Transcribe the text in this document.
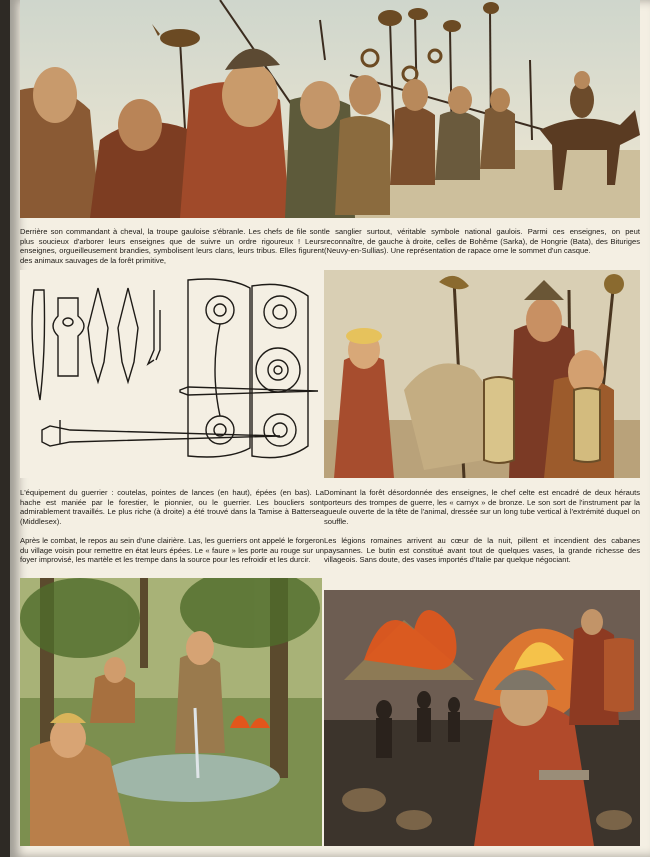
Derrière son commandant à cheval, la troupe gauloise s'ébranle. Les chefs de file sont plus soucieux d'arborer leurs enseignes que de suivre un ordre rigoureux ! Leurs enseignes, orgueilleusement brandies, symbolisent leurs clans, leurs tribus. Elles figurent des animaux sauvages de la forêt primitive,

le sanglier surtout, véritable symbole national gaulois. Parmi ces enseignes, on peut reconnaître, de gauche à droite, celles de Bohême (Sarka), de Hongrie (Bata), des Bituriges (Neuvy-en-Sullias). Une représentation de rapace orne le sommet d'un casque.

L'équipement du guerrier : coutelas, pointes de lances (en haut), épées (en bas). La hache est maniée par le forestier, le pionnier, ou le guerrier. Les boucliers sont admirablement travaillés. Le plus riche (à droite) a été trouvé dans la Tamise à Battersea (Middlesex).

Dominant la forêt désordonnée des enseignes, le chef celte est encadré de deux hérauts porteurs des trompes de guerre, les « carnyx » de bronze. Le son sort de l'instrument par la gueule ouverte de la tête de l'animal, dressée sur un long tube vertical à l'extrémité duquel on souffle.

Après le combat, le repos au sein d'une clairière. Las, les guerriers ont appelé le forgeron du village voisin pour remettre en état leurs épées. Le « faure » les porte au rouge sur un foyer improvisé, les martèle et les trempe dans la source pour les refroidir et les durcir.

Les légions romaines arrivent au cœur de la nuit, pillent et incendient des cabanes paysannes. Le butin est constitué avant tout de quelques vases, la grande richesse des villageois. Sans doute, des vases importés d'Italie par quelque négociant.
